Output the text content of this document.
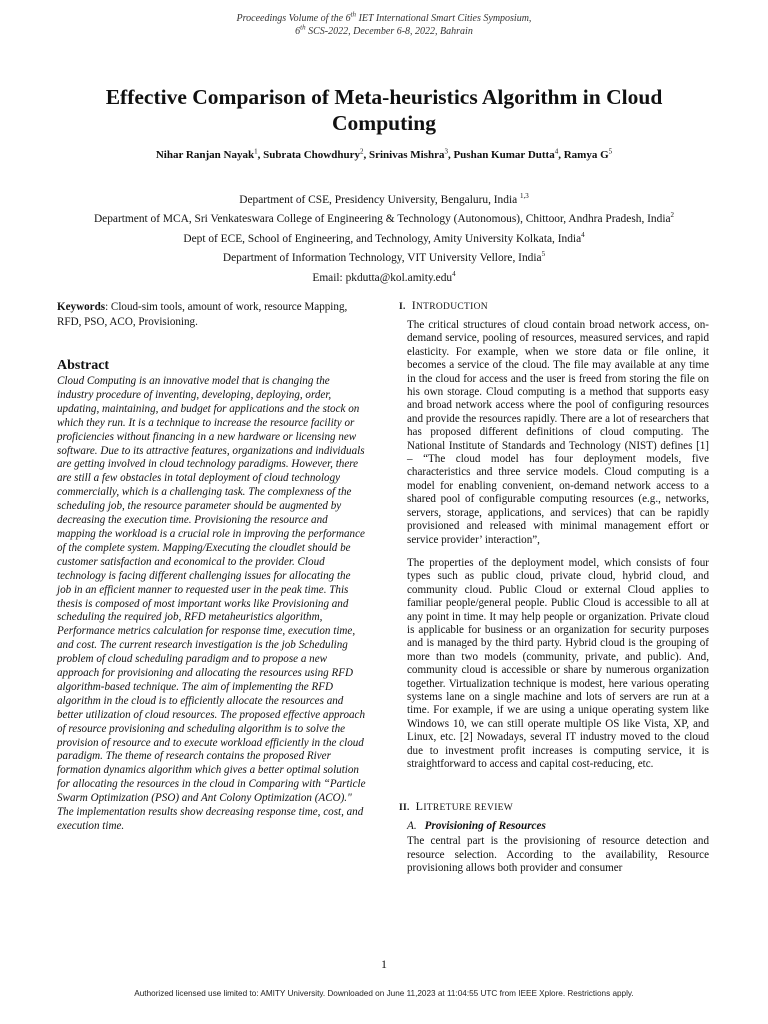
Proceedings Volume of the 6th IET International Smart Cities Symposium,
6th SCS-2022, December 6-8, 2022, Bahrain
Effective Comparison of Meta-heuristics Algorithm in Cloud Computing
Nihar Ranjan Nayak$^1$, Subrata Chowdhury$^2$, Srinivas Mishra$^3$, Pushan Kumar Dutta$^4$, Ramya $G^5$
Department of CSE, Presidency University, Bengaluru, India $^{1,3}$
Department of MCA, Sri Venkateswara College of Engineering & Technology (Autonomous), Chittoor, Andhra Pradesh, India$^2$
Dept of ECE, School of Engineering, and Technology, Amity University Kolkata, India$^4$
Department of Information Technology, VIT University Vellore, India$^5$
Email: pkdutta@kol.amity.edu$^4$

Keywords: Cloud-sim tools, amount of work, resource Mapping, RFD, PSO, ACO, Provisioning.

Abstract

Cloud Computing is an innovative model that is changing the industry procedure of inventing, developing, deploying, order, updating, maintaining, and budget for applications and the stock on which they run. It is a technique to increase the resource facility or proficiencies without financing in a new hardware or licensing new software. Due to its attractive features, organizations and individuals are getting involved in cloud technology paradigms. However, there are still a few obstacles in total deployment of cloud technology commercially, which is a challenging task. The complexness of the scheduling job, the resource parameter should be augmented by decreasing the execution time. Provisioning the resource and mapping the workload is a crucial role in improving the performance of the complete system. Mapping/Executing the cloudlet should be customer satisfaction and economical to the provider. Cloud technology is facing different challenging issues for allocating the job in an efficient manner to requested user in the peak time. This thesis is composed of most important works like Provisioning and scheduling the required job, RFD metaheuristics algorithm, Performance metrics calculation for response time, execution time, and cost. The current research investigation is the job Scheduling problem of cloud scheduling paradigm and to propose a new approach for provisioning and allocating the resources using RFD algorithm-based technique. The aim of implementing the RFD algorithm in the cloud is to efficiently allocate the resources and better utilization of cloud resources. The proposed effective approach of resource provisioning and scheduling algorithm is to solve the provision of resource and to execute workload efficiently in the cloud paradigm. The theme of research contains the proposed River formation dynamics algorithm which gives a better optimal solution for allocating the resources in the cloud in Comparing with “Particle Swarm Optimization (PSO) and Ant Colony Optimization (ACO)." The implementation results show decreasing response time, cost, and execution time.

I. INTRODUCTION

The critical structures of cloud contain broad network access, on-demand service, pooling of resources, measured services, and rapid elasticity. For example, when we store data or file online, it becomes a service of the cloud. The file may available at any time in the cloud for access and the user is freed from storing the file on his own storage. Cloud computing is a method that supports easy and broad network access where the pool of configuring resources and provide the resources rapidly. There are a lot of researchers that has proposed different definitions of cloud computing. The National Institute of Standards and Technology (NIST) defines [1] – “The cloud model has four deployment models, five characteristics and three service models. Cloud computing is a model for enabling convenient, on-demand network access to a shared pool of configurable computing resources (e.g., networks, servers, storage, applications, and services) that can be rapidly provisioned and released with minimal management effort or service provider’ interaction”,

The properties of the deployment model, which consists of four types such as public cloud, private cloud, hybrid cloud, and community cloud. Public Cloud or external Cloud applies to familiar people/general people. Public Cloud is accessible to all at any point in time. It may help people or organization. Private cloud is applicable for business or an organization for security purposes and is managed by the third party. Hybrid cloud is the grouping of more than two models (community, private, and public). And, community cloud is accessible or share by numerous organization together. Virtualization technique is modest, here various operating systems lane on a single machine and lots of servers are run at a time. For example, if we are using a unique operating system like Windows 10, we can still operate multiple OS like Vista, XP, and Linux, etc. [2] Nowadays, several IT industry moved to the cloud due to investment profit increases is computing service, it is straightforward to access and capital cost-reducing, etc.

II. LITRETURE REVIEW
A. Provisioning of Resources

The central part is the provisioning of resource detection and resource selection. According to the availability, Resource provisioning allows both provider and consumer

1
Authorized licensed use limited to: AMITY University. Downloaded on June 11,2023 at 11:04:55 UTC from IEEE Xplore. Restrictions apply.
